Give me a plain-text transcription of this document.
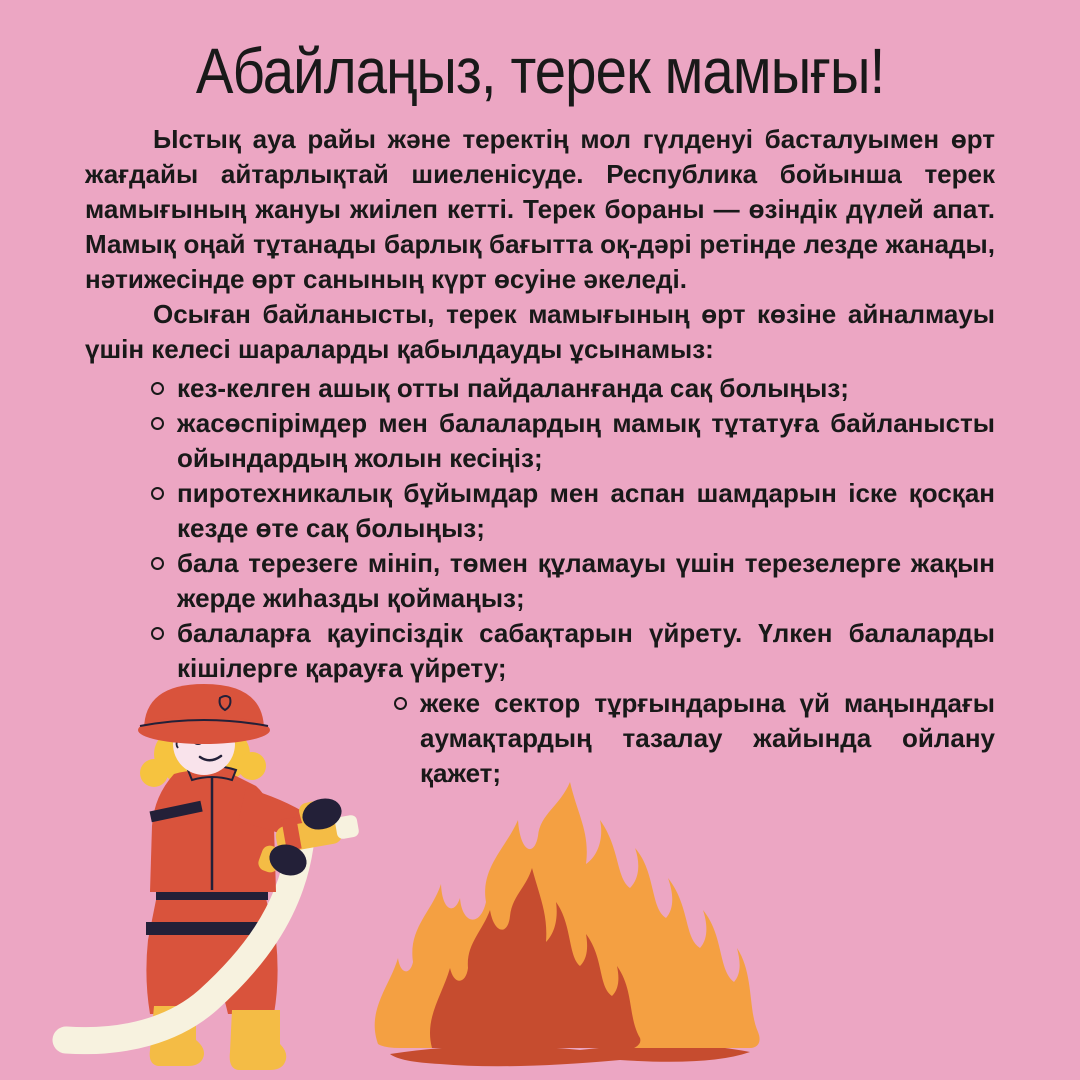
Абайлаңыз, терек мамығы!

Ыстық ауа райы және теректің мол гүлденуі басталуымен өрт жағдайы айтарлықтай шиеленісуде. Республика бойынша терек мамығының жануы жиілеп кетті. Терек бораны — өзіндік дүлей апат. Мамық оңай тұтанады барлық бағытта оқ-дәрі ретінде лезде жанады, нәтижесінде өрт санының күрт өсуіне әкеледі.

Осыған байланысты, терек мамығының өрт көзіне айналмауы үшін келесі шараларды қабылдауды ұсынамыз:

кез-келген ашық отты пайдаланғанда сақ болыңыз;
жасөспірімдер мен балалардың мамық тұтатуға байланысты ойындардың жолын кесіңіз;
пиротехникалық бұйымдар мен аспан шамдарын іске қосқан кезде өте сақ болыңыз;
бала терезеге мініп, төмен құламауы үшін терезелерге жақын жерде жиһазды қоймаңыз;
балаларға қауіпсіздік сабақтарын үйрету. Үлкен балаларды кішілерге қарауға үйрету;
жеке сектор тұрғындарына үй маңындағы аумақтардың тазалау жайында ойлану қажет;
